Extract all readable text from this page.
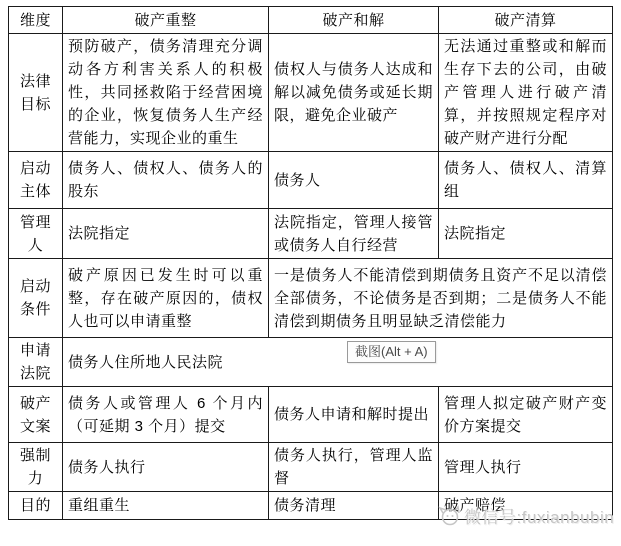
维度	破产重整	破产和解	破产清算
法律目标	预防破产，债务清理充分调动各方利害关系人的积极性，共同拯救陷于经营困境的企业，恢复债务人生产经营能力，实现企业的重生	债权人与债务人达成和解以减免债务或延长期限，避免企业破产	无法通过重整或和解而生存下去的公司，由破产管理人进行破产清算，并按照规定程序对破产财产进行分配
启动主体	债务人、债权人、债务人的股东	债务人	债务人、债权人、清算组
管理人	法院指定	法院指定，管理人接管或债务人自行经营	法院指定
启动条件	破产原因已发生时可以重整，存在破产原因的，债权人也可以申请重整	一是债务人不能清偿到期债务且资产不足以清偿全部债务，不论债务是否到期；二是债务人不能清偿到期债务且明显缺乏清偿能力	
申请法院	债务人住所地人民法院		
破产文案	债务人或管理人 6 个月内（可延期 3 个月）提交	债务人申请和解时提出	管理人拟定破产财产变价方案提交
强制力	债务人执行	债务人执行，管理人监督	管理人执行
目的	重组重生	债务清理	破产赔偿
截图(Alt + A)
微信号:fuxianbubin
